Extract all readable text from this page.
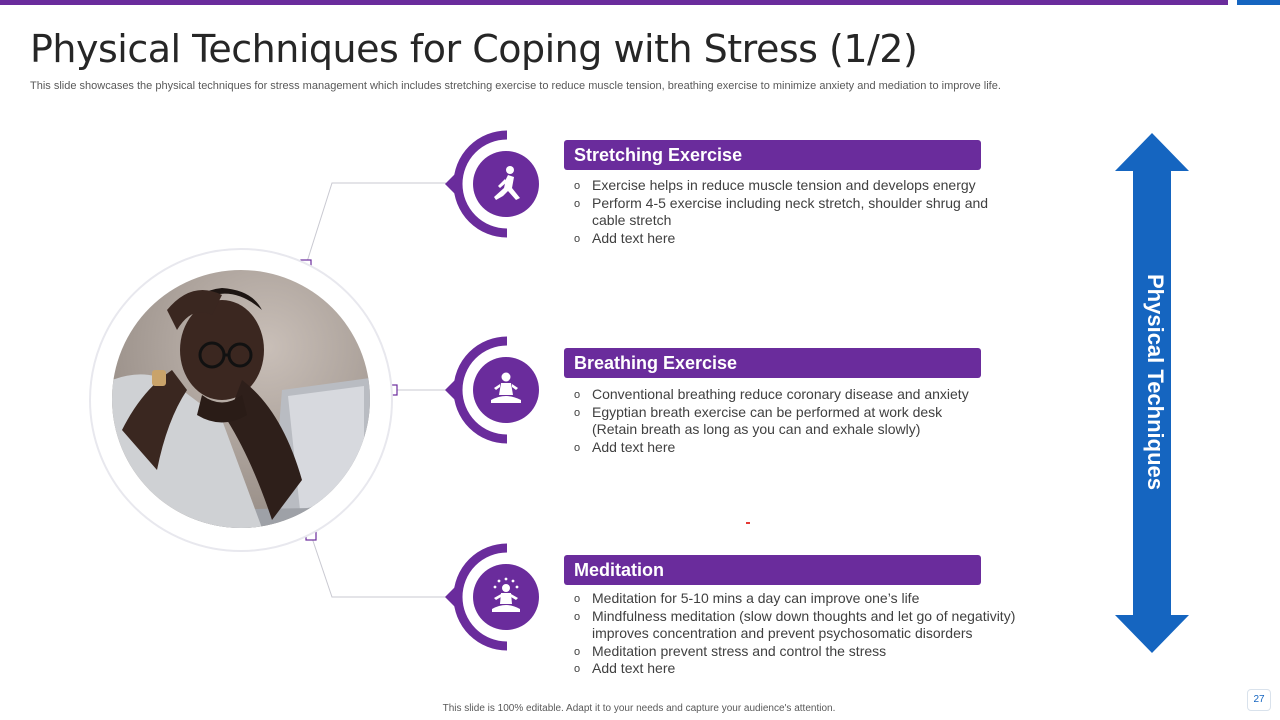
Physical Techniques for Coping with Stress (1/2)

This slide showcases the physical techniques for stress management which includes stretching exercise to reduce muscle tension, breathing exercise to minimize anxiety and mediation to improve life.

Stretching Exercise
o Exercise helps in reduce muscle tension and develops energy
o Perform 4-5 exercise including neck stretch, shoulder shrug and cable stretch
o Add text here
Breathing Exercise
o Conventional breathing reduce coronary disease and anxiety
o Egyptian breath exercise can be performed at work desk (Retain breath as long as you can and exhale slowly)
o Add text here
Meditation
o Meditation for 5-10 mins a day can improve one’s life
o Mindfulness meditation (slow down thoughts and let go of negativity) improves concentration and prevent psychosomatic disorders
o Meditation prevent stress and control the stress
o Add text here
Physical Techniques
This slide is 100% editable. Adapt it to your needs and capture your audience's attention.
27
